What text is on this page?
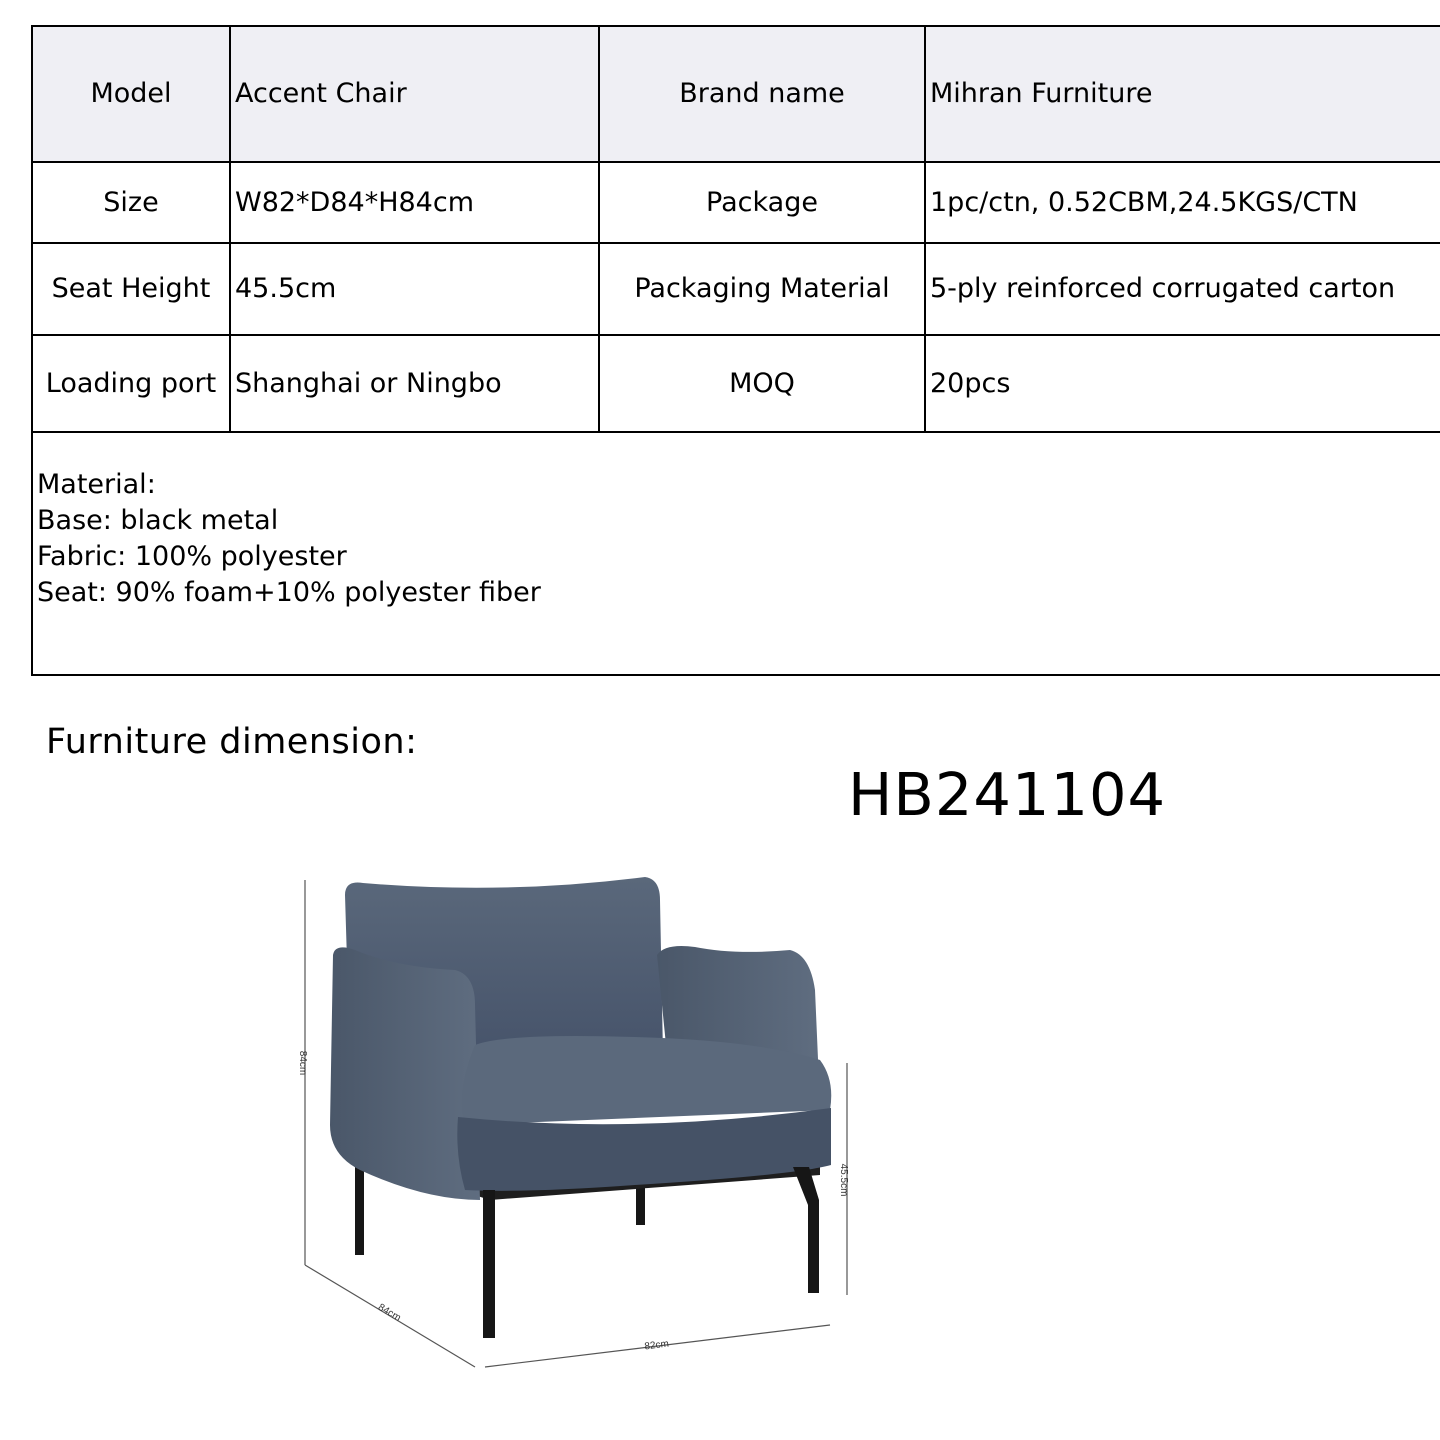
Model	Accent Chair	Brand name	Mihran Furniture
Size	W82*D84*H84cm	Package	1pc/ctn, 0.52CBM,24.5KGS/CTN
Seat Height	45.5cm	Packaging Material	5-ply reinforced corrugated carton
Loading port	Shanghai or Ningbo	MOQ	20pcs

Material:
Base: black metal
Fabric: 100% polyester
Seat: 90% foam+10% polyester fiber			
Furniture dimension:
HB241104
84cm
84cm
82cm
45.5cm
